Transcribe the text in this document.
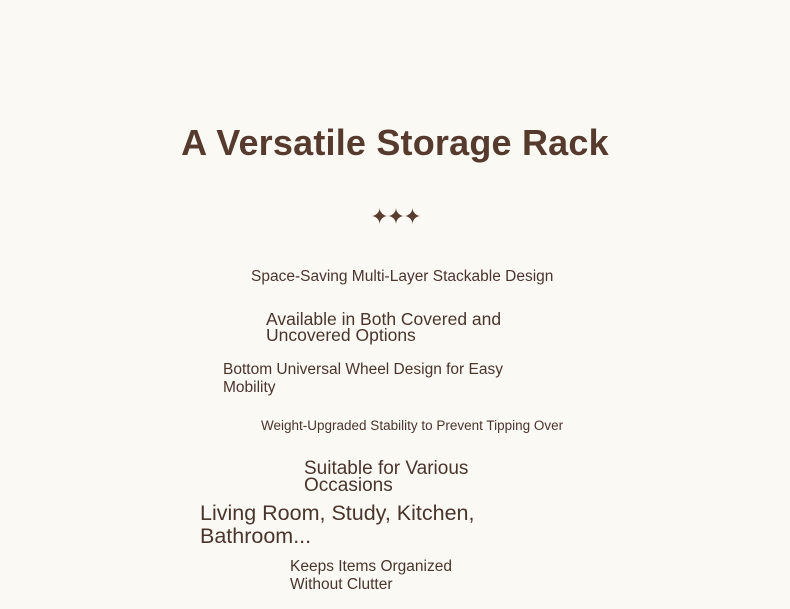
A Versatile Storage Rack
✦✦✦
Space-Saving Multi-Layer Stackable Design
Available in Both Covered and Uncovered Options
Bottom Universal Wheel Design for Easy Mobility
Weight-Upgraded Stability to Prevent Tipping Over
Suitable for Various Occasions
Living Room, Study, Kitchen, Bathroom...
Keeps Items Organized Without Clutter
